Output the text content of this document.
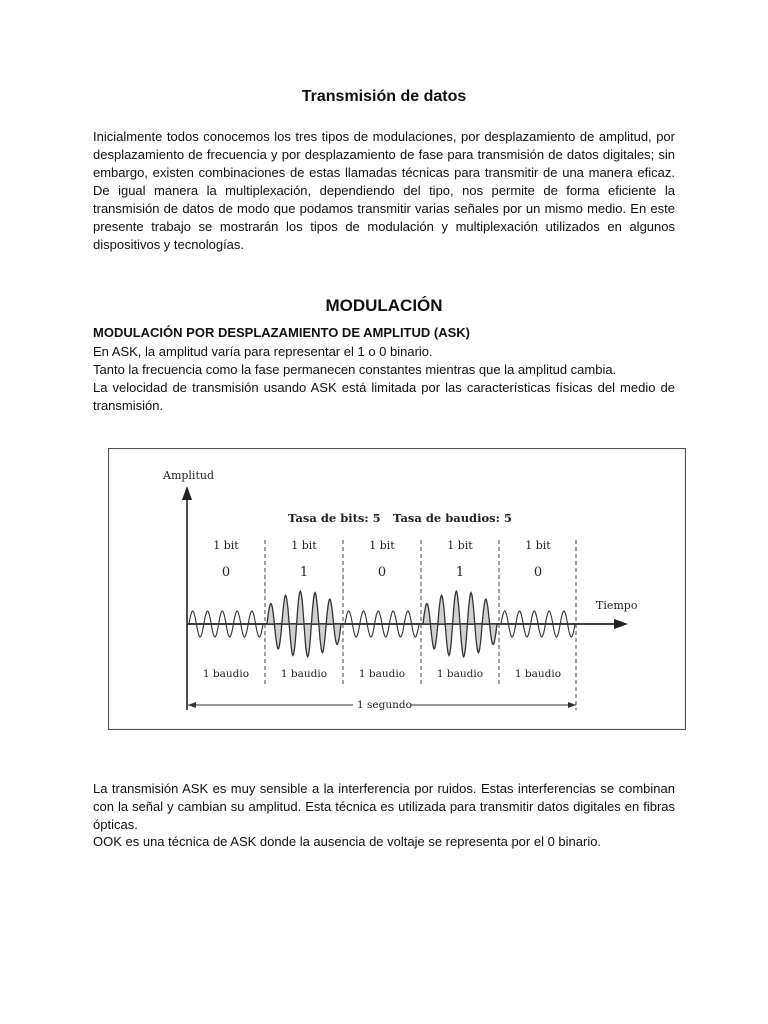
Transmisión de datos

Inicialmente todos conocemos los tres tipos de modulaciones, por desplazamiento de amplitud, por desplazamiento de frecuencia y por desplazamiento de fase para transmisión de datos digitales; sin embargo, existen combinaciones de estas llamadas técnicas para transmitir de una manera eficaz. De igual manera la multiplexación, dependiendo del tipo, nos permite de forma eficiente la transmisión de datos de modo que podamos transmitir varias señales por un mismo medio. En este presente trabajo se mostrarán los tipos de modulación y multiplexación utilizados en algunos dispositivos y tecnologías.

MODULACIÓN
MODULACIÓN POR DESPLAZAMIENTO DE AMPLITUD (ASK)

En ASK, la amplitud varía para representar el 1 o 0 binario.

Tanto la frecuencia como la fase permanecen constantes mientras que la amplitud cambia.

La velocidad de transmisión usando ASK está limitada por las características físicas del medio de transmisión.

Amplitud
Tiempo
Tasa de bits: 5 Tasa de baudios: 5
1 bit
0
1 baudio
1 bit
1
1 baudio
1 bit
0
1 baudio
1 bit
1
1 baudio
1 bit
0
1 baudio
1 segundo

La transmisión ASK es muy sensible a la interferencia por ruidos. Estas interferencias se combinan con la señal y cambian su amplitud. Esta técnica es utilizada para transmitir datos digitales en fibras ópticas.

OOK es una técnica de ASK donde la ausencia de voltaje se representa por el 0 binario.
